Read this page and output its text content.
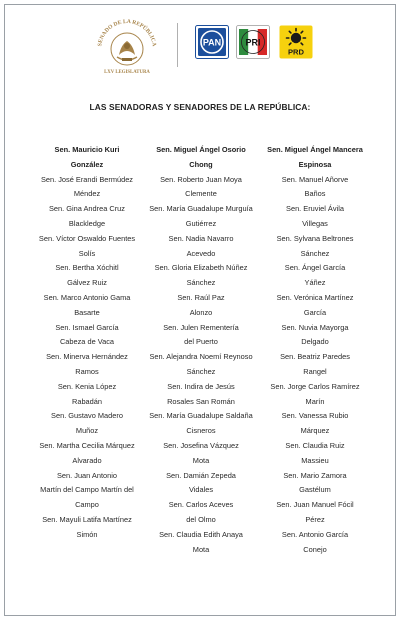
SENADO DE LA REPÚBLICA
LXV LEGISLATURA
PAN	PRI
PRD
LAS SENADORAS Y SENADORES DE LA REPÚBLICA:

Sen. Mauricio Kuri

González

Sen. José Erandi Bermúdez

Méndez

Sen. Gina Andrea Cruz

Blackledge

Sen. Víctor Oswaldo Fuentes

Solís

Sen. Bertha Xóchitl

Gálvez Ruiz

Sen. Marco Antonio Gama

Basarte

Sen. Ismael García

Cabeza de Vaca

Sen. Minerva Hernández

Ramos

Sen. Kenia López

Rabadán

Sen. Gustavo Madero

Muñoz

Sen. Martha Cecilia Márquez

Alvarado

Sen. Juan Antonio

Martín del Campo Martín del Campo

Sen. Mayuli Latifa Martínez

Simón

Sen. Miguel Ángel Osorio

Chong

Sen. Roberto Juan Moya

Clemente

Sen. María Guadalupe Murguía

Gutiérrez

Sen. Nadia Navarro

Acevedo

Sen. Gloria Elizabeth Núñez

Sánchez

Sen. Raúl Paz

Alonzo

Sen. Julen Rementería

del Puerto

Sen. Alejandra Noemí Reynoso

Sánchez

Sen. Indira de Jesús

Rosales San Román

Sen. María Guadalupe Saldaña

Cisneros

Sen. Josefina Vázquez

Mota

Sen. Damián Zepeda

Vidales

Sen. Carlos Aceves

del Olmo

Sen. Claudia Edith Anaya

Mota

Sen. Miguel Ángel Mancera

Espinosa

Sen. Manuel Añorve

Baños

Sen. Eruviel Ávila

Villegas

Sen. Sylvana Beltrones

Sánchez

Sen. Ángel García

Yáñez

Sen. Verónica Martínez

García

Sen. Nuvia Mayorga

Delgado

Sen. Beatriz Paredes

Rangel

Sen. Jorge Carlos Ramírez

Marín

Sen. Vanessa Rubio

Márquez

Sen. Claudia Ruiz

Massieu

Sen. Mario Zamora

Gastélum

Sen. Juan Manuel Fócil

Pérez

Sen. Antonio García

Conejo
